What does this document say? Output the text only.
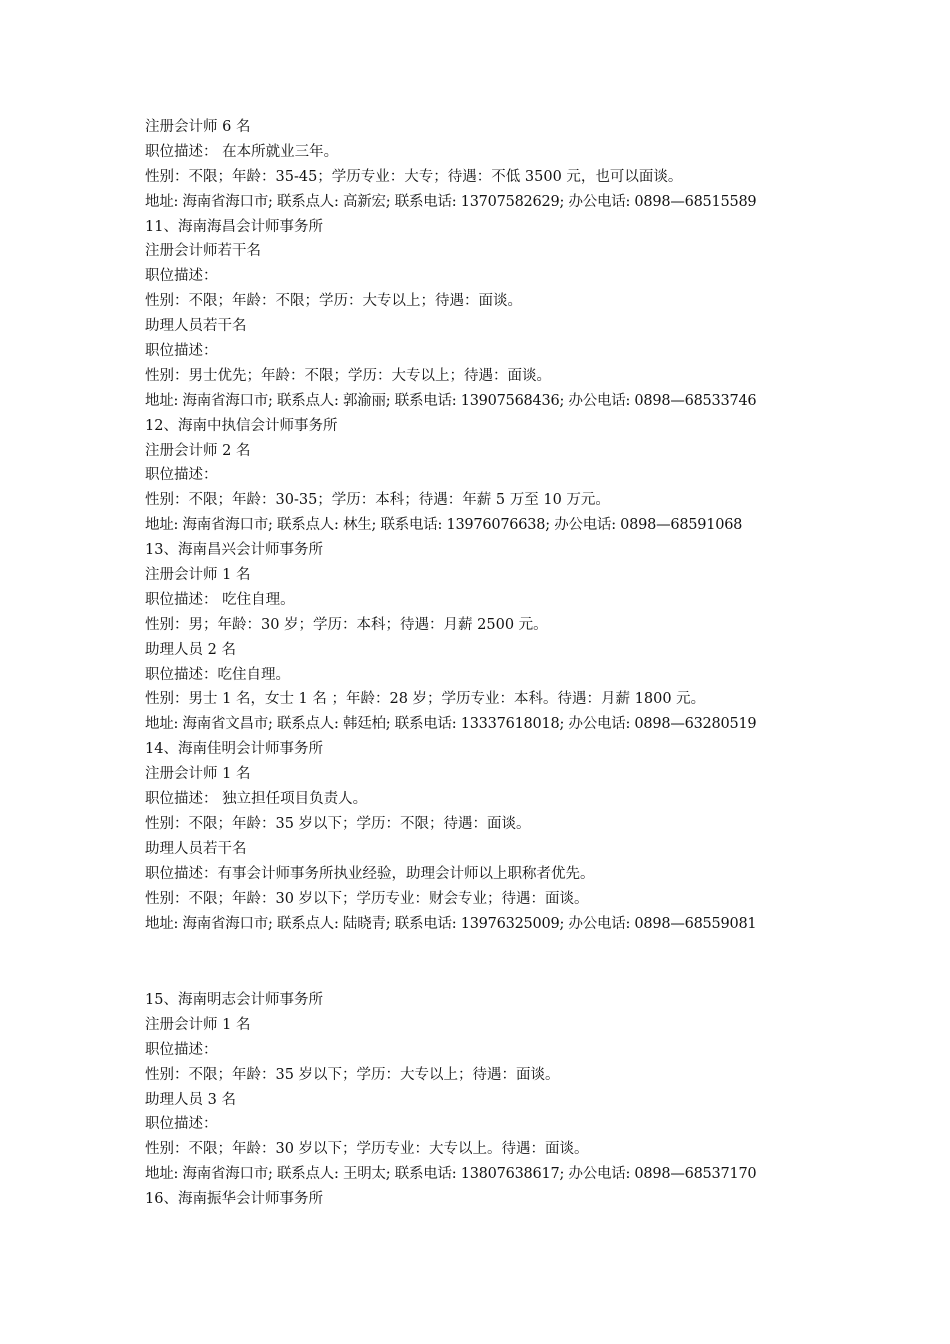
注册会计师 6 名
职位描述： 在本所就业三年。
性别：不限；年龄：35-45；学历专业：大专；待遇：不低 3500 元，也可以面谈。
地址: 海南省海口市; 联系点人: 高新宏; 联系电话: 13707582629; 办公电话: 0898—68515589
11、海南海昌会计师事务所
注册会计师若干名
职位描述：
性别：不限；年龄：不限；学历：大专以上；待遇：面谈。
助理人员若干名
职位描述：
性别：男士优先；年龄：不限；学历：大专以上；待遇：面谈。
地址: 海南省海口市; 联系点人: 郭渝丽; 联系电话: 13907568436; 办公电话: 0898—68533746
12、海南中执信会计师事务所
注册会计师 2 名
职位描述：
性别：不限；年龄：30-35；学历：本科；待遇：年薪 5 万至 10 万元。
地址: 海南省海口市; 联系点人: 林生; 联系电话: 13976076638; 办公电话: 0898—68591068
13、海南昌兴会计师事务所
注册会计师 1 名
职位描述： 吃住自理。
性别：男；年龄：30 岁；学历：本科；待遇：月薪 2500 元。
助理人员 2 名
职位描述：吃住自理。
性别：男士 1 名，女士 1 名 ；年龄：28 岁；学历专业：本科。待遇：月薪 1800 元。
地址: 海南省文昌市; 联系点人: 韩廷柏; 联系电话: 13337618018; 办公电话: 0898—63280519
14、海南佳明会计师事务所
注册会计师 1 名
职位描述： 独立担任项目负责人。
性别：不限；年龄：35 岁以下；学历：不限；待遇：面谈。
助理人员若干名
职位描述：有事会计师事务所执业经验，助理会计师以上职称者优先。
性别：不限；年龄：30 岁以下；学历专业：财会专业；待遇：面谈。
地址: 海南省海口市; 联系点人: 陆晓青; 联系电话: 13976325009; 办公电话: 0898—68559081
15、海南明志会计师事务所
注册会计师 1 名
职位描述：
性别：不限；年龄：35 岁以下；学历：大专以上；待遇：面谈。
助理人员 3 名
职位描述：
性别：不限；年龄：30 岁以下；学历专业：大专以上。待遇：面谈。
地址: 海南省海口市; 联系点人: 王明太; 联系电话: 13807638617; 办公电话: 0898—68537170
16、海南振华会计师事务所
